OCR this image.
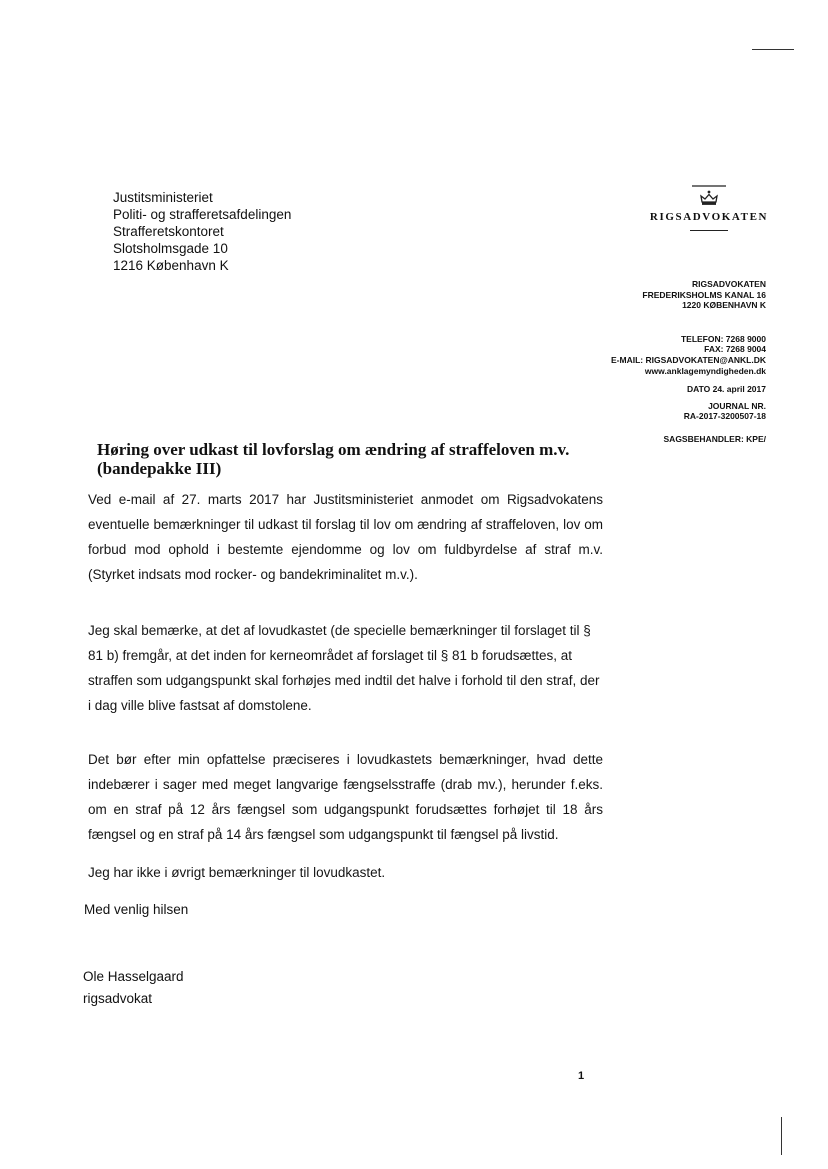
Justitsministeriet
Politi- og strafferetsafdelingen
Strafferetskontoret
Slotsholmsgade 10
1216 København K
RIGSADVOKATEN
RIGSADVOKATEN
FREDERIKSHOLMS KANAL 16
1220 KØBENHAVN K
TELEFON: 7268 9000
FAX: 7268 9004
E-MAIL: RIGSADVOKATEN@ANKL.DK
www.anklagemyndigheden.dk
DATO 24. april 2017
JOURNAL NR.
RA-2017-3200507-18
SAGSBEHANDLER: KPE/
Høring over udkast til lovforslag om ændring af straffeloven m.v. (bandepakke III)
Ved e-mail af 27. marts 2017 har Justitsministeriet anmodet om Rigsadvokatens eventuelle bemærkninger til udkast til forslag til lov om ændring af straffeloven, lov om forbud mod ophold i bestemte ejendomme og lov om fuldbyrdelse af straf m.v. (Styrket indsats mod rocker- og bandekriminalitet m.v.).
Jeg skal bemærke, at det af lovudkastet (de specielle bemærkninger til forslaget til § 81 b) fremgår, at det inden for kerneområdet af forslaget til § 81 b forudsættes, at straffen som udgangspunkt skal forhøjes med indtil det halve i forhold til den straf, der i dag ville blive fastsat af domstolene.
Det bør efter min opfattelse præciseres i lovudkastets bemærkninger, hvad dette indebærer i sager med meget langvarige fængselsstraffe (drab mv.), herunder f.eks. om en straf på 12 års fængsel som udgangspunkt forudsættes forhøjet til 18 års fængsel og en straf på 14 års fængsel som udgangspunkt til fængsel på livstid.
Jeg har ikke i øvrigt bemærkninger til lovudkastet.
Med venlig hilsen
Ole Hasselgaard
rigsadvokat
1
